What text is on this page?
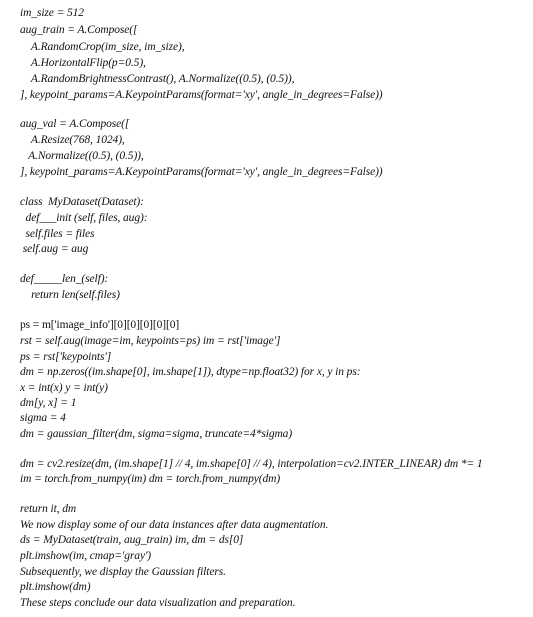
im_size = 512
aug_train = A.Compose([
A.RandomCrop(im_size, im_size),
A.HorizontalFlip(p=0.5),
A.RandomBrightnessContrast(), A.Normalize((0.5), (0.5)),
], keypoint_params=A.KeypointParams(format='xy', angle_in_degrees=False))
aug_val = A.Compose([
A.Resize(768, 1024),
A.Normalize((0.5), (0.5)),
], keypoint_params=A.KeypointParams(format='xy', angle_in_degrees=False))
class  MyDataset(Dataset):
def___init (self, files, aug):
self.files = files
self.aug = aug
def_____len_(self):
return len(self.files)
ps = m['image_info'][0][0][0][0][0]
rst = self.aug(image=im, keypoints=ps) im = rst['image']
ps = rst['keypoints']
dm = np.zeros((im.shape[0], im.shape[1]), dtype=np.float32) for x, y in ps:
x = int(x) y = int(y)
dm[y, x] = 1
sigma = 4
dm = gaussian_filter(dm, sigma=sigma, truncate=4*sigma)
dm = cv2.resize(dm, (im.shape[1] // 4, im.shape[0] // 4), interpolation=cv2.INTER_LINEAR) dm *= 1
im = torch.from_numpy(im) dm = torch.from_numpy(dm)
return it, dm
We now display some of our data instances after data augmentation.
ds = MyDataset(train, aug_train) im, dm = ds[0]
plt.imshow(im, cmap='gray')
Subsequently, we display the Gaussian filters.
plt.imshow(dm)
These steps conclude our data visualization and preparation.
